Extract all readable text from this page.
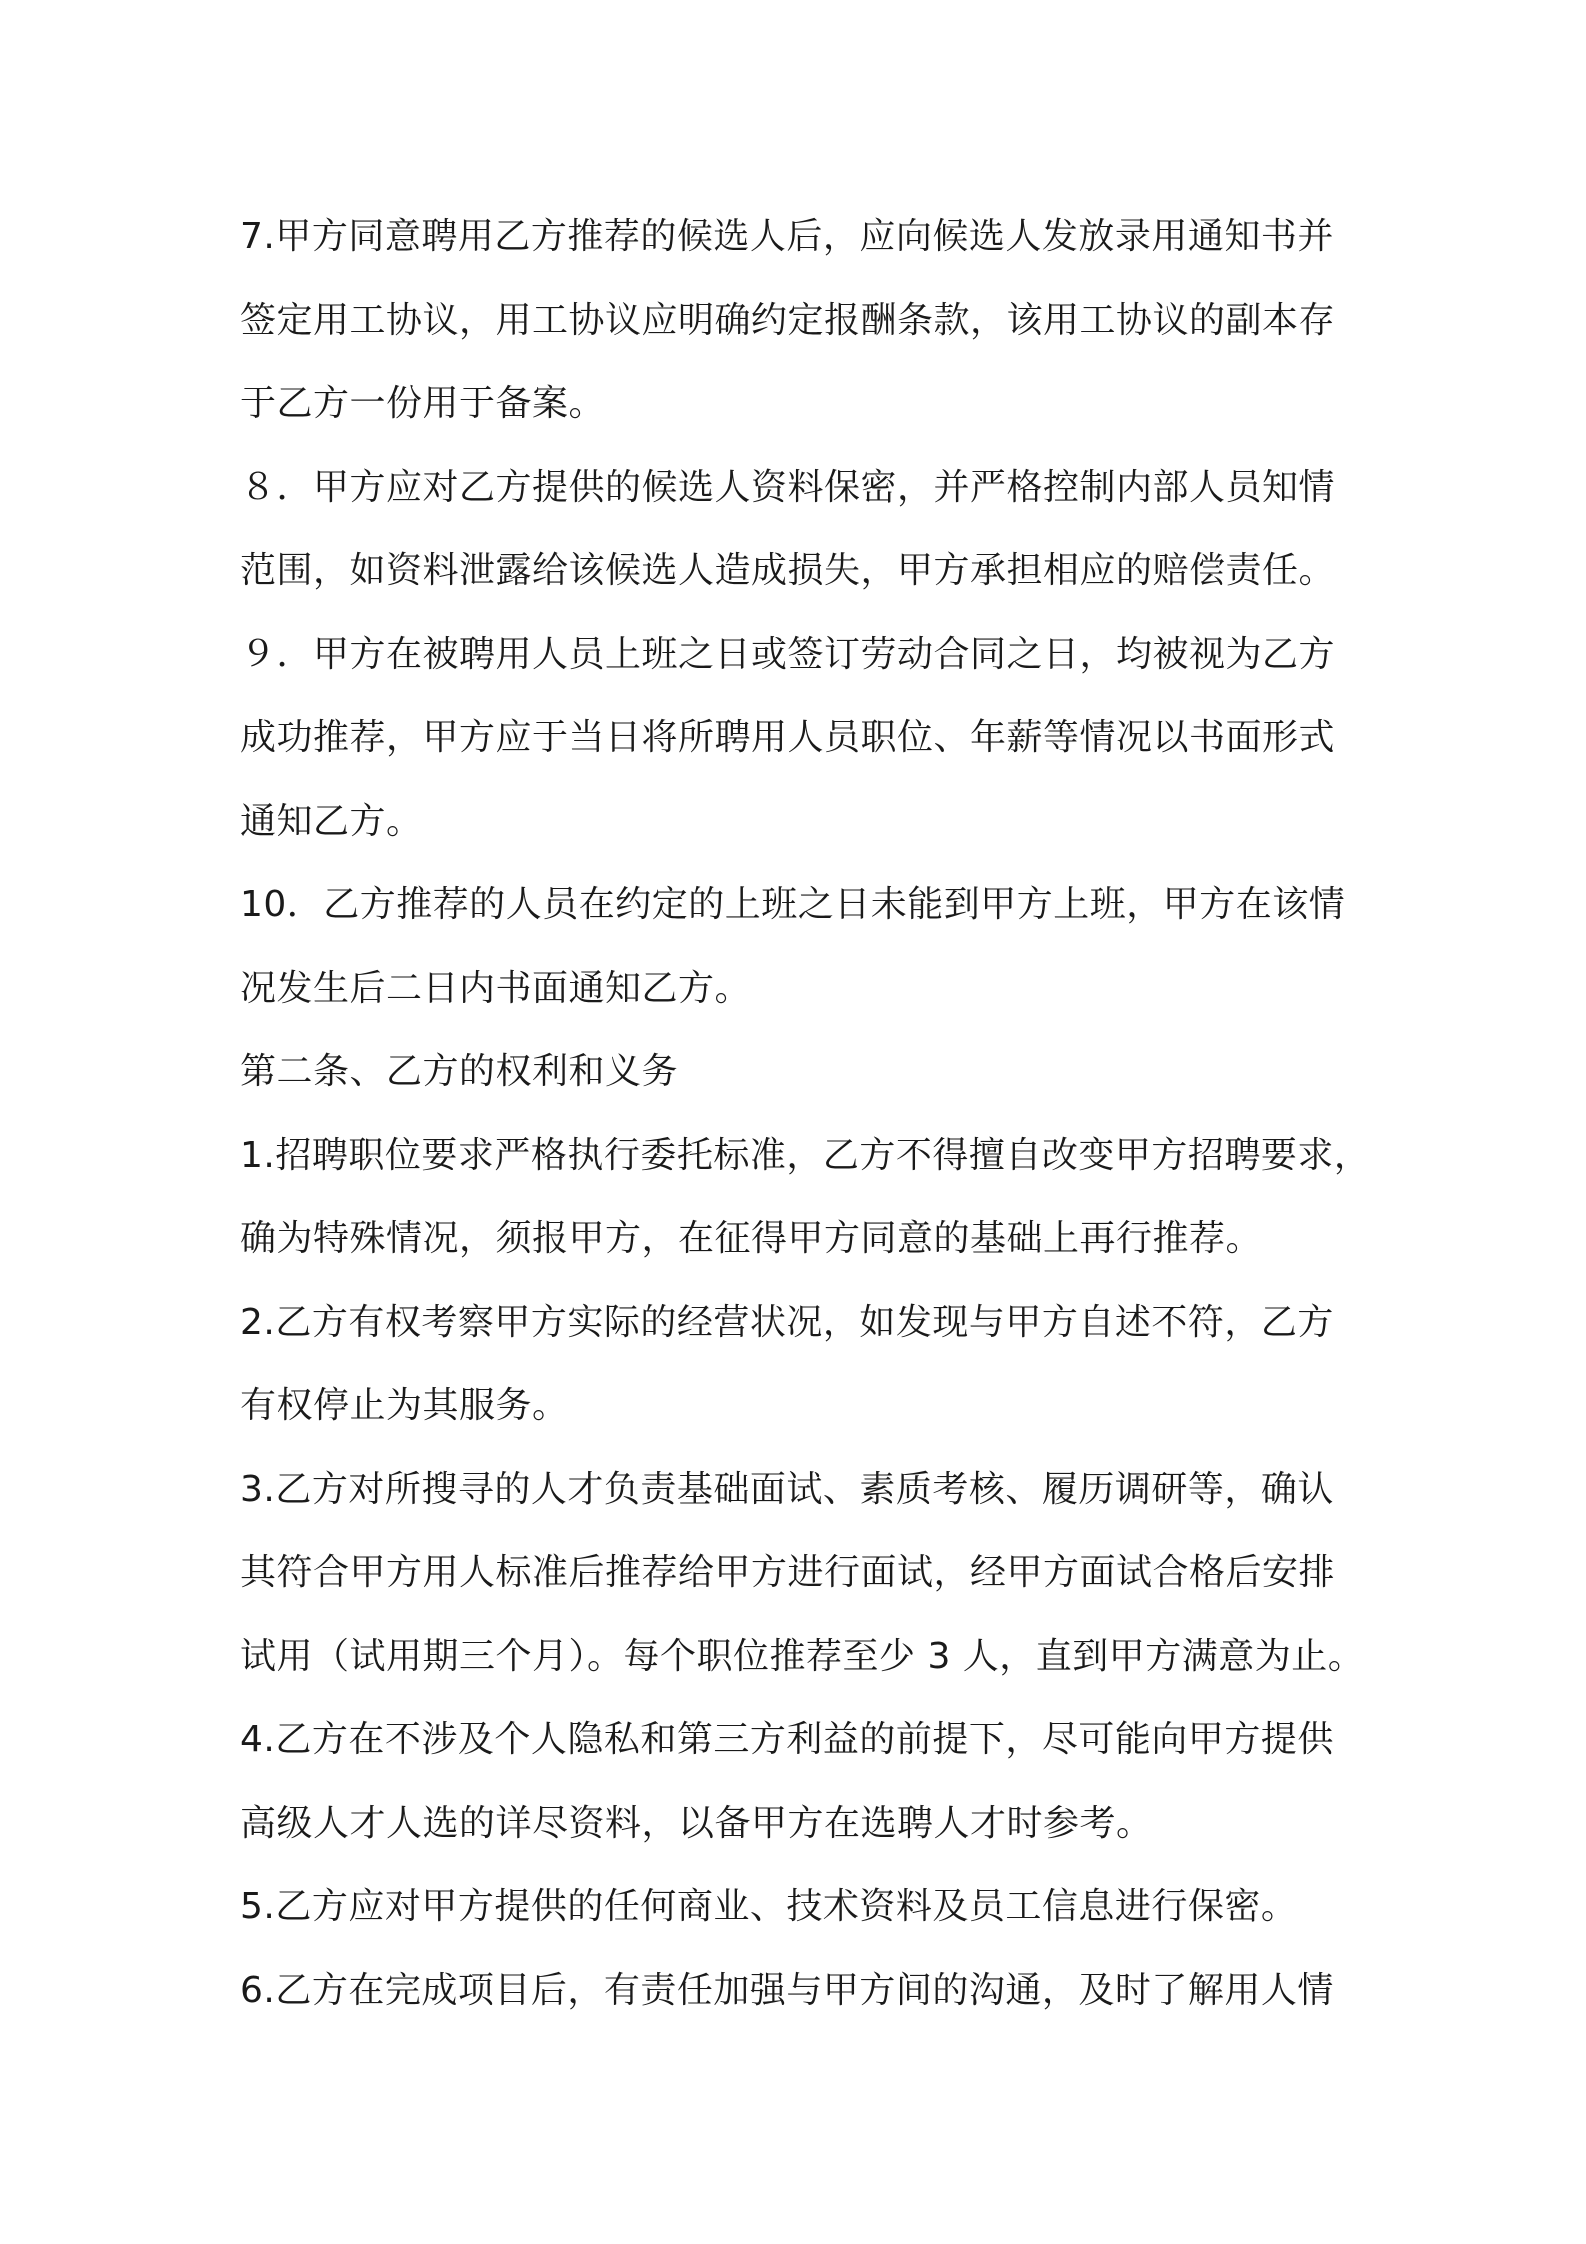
7.甲方同意聘用乙方推荐的候选人后，应向候选人发放录用通知书并
签定用工协议，用工协议应明确约定报酬条款，该用工协议的副本存
于乙方一份用于备案。
８．甲方应对乙方提供的候选人资料保密，并严格控制内部人员知情
范围，如资料泄露给该候选人造成损失，甲方承担相应的赔偿责任。
９．甲方在被聘用人员上班之日或签订劳动合同之日，均被视为乙方
成功推荐，甲方应于当日将所聘用人员职位、年薪等情况以书面形式
通知乙方。
10．乙方推荐的人员在约定的上班之日未能到甲方上班，甲方在该情
况发生后二日内书面通知乙方。
第二条、乙方的权利和义务
1.招聘职位要求严格执行委托标准，乙方不得擅自改变甲方招聘要求，
确为特殊情况，须报甲方，在征得甲方同意的基础上再行推荐。
2.乙方有权考察甲方实际的经营状况，如发现与甲方自述不符，乙方
有权停止为其服务。
3.乙方对所搜寻的人才负责基础面试、素质考核、履历调研等，确认
其符合甲方用人标准后推荐给甲方进行面试，经甲方面试合格后安排
试用（试用期三个月）。每个职位推荐至少 3 人，直到甲方满意为止。
4.乙方在不涉及个人隐私和第三方利益的前提下，尽可能向甲方提供
高级人才人选的详尽资料，以备甲方在选聘人才时参考。
5.乙方应对甲方提供的任何商业、技术资料及员工信息进行保密。
6.乙方在完成项目后，有责任加强与甲方间的沟通，及时了解用人情
